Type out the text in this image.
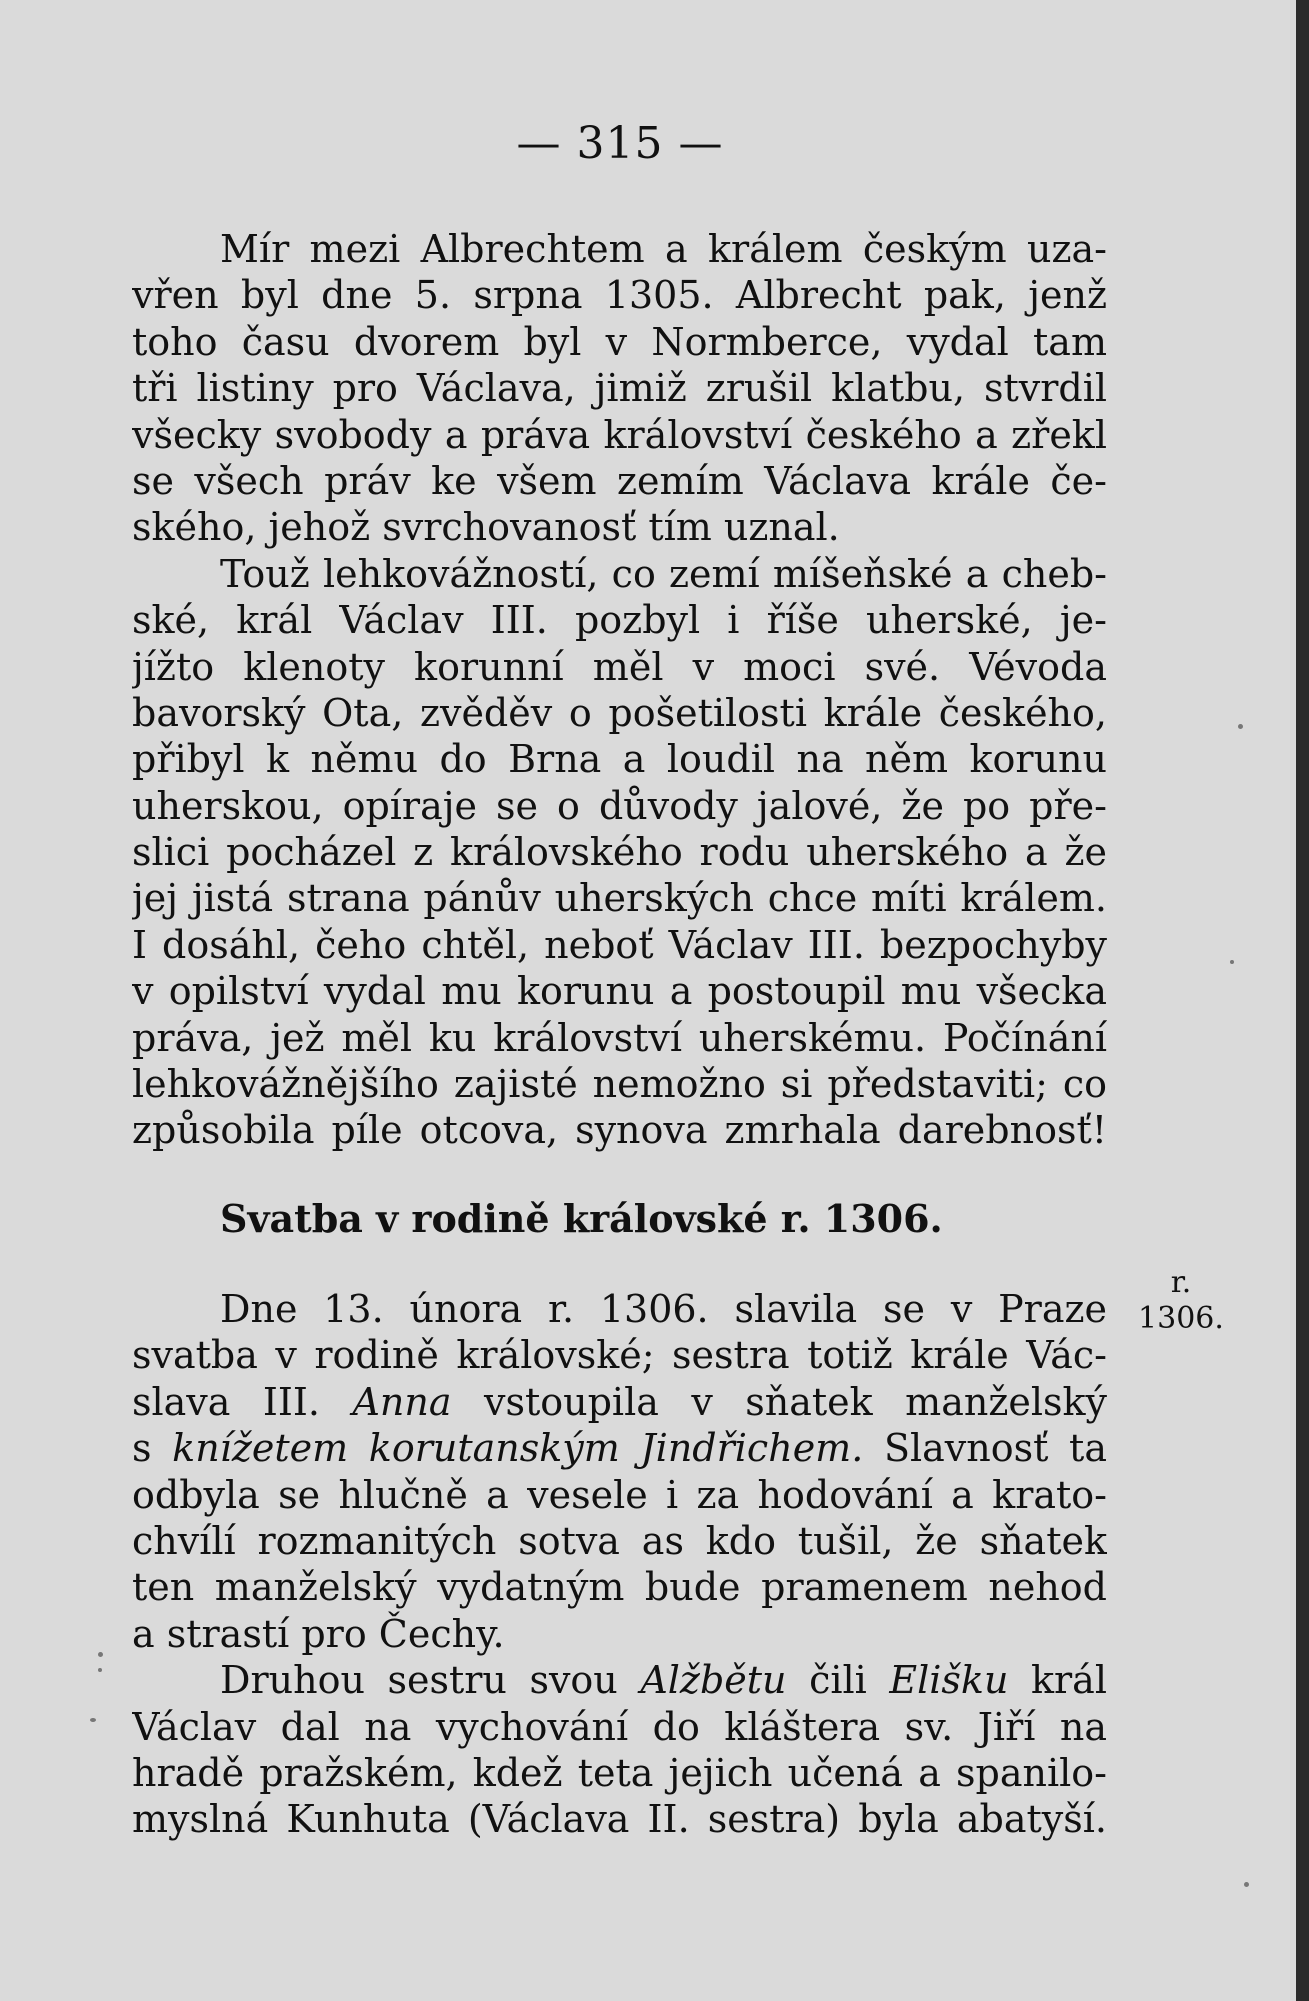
— 315 —
Mír mezi Albrechtem a králem českým uza-
vřen byl dne 5. srpna 1305. Albrecht pak, jenž
toho času dvorem byl v Normberce, vydal tam
tři listiny pro Václava, jimiž zrušil klatbu, stvrdil
všecky svobody a práva království českého a zřekl
se všech práv ke všem zemím Václava krále če-
ského, jehož svrchovanosť tím uznal.
Touž lehkovážností, co zemí míšeňské a cheb-
ské, král Václav III. pozbyl i říše uherské, je-
jížto klenoty korunní měl v moci své. Vévoda
bavorský Ota, zvěděv o pošetilosti krále českého,
přibyl k němu do Brna a loudil na něm korunu
uherskou, opíraje se o důvody jalové, že po pře-
slici pocházel z královského rodu uherského a že
jej jistá strana pánův uherských chce míti králem.
I dosáhl, čeho chtěl, neboť Václav III. bezpochyby
v opilství vydal mu korunu a postoupil mu všecka
práva, jež měl ku království uherskému. Počínání
lehkovážnějšího zajisté nemožno si představiti; co
způsobila píle otcova, synova zmrhala darebnosť!
Svatba v rodině královské r. 1306.
r.
1306.
Dne 13. února r. 1306. slavila se v Praze
svatba v rodině královské; sestra totiž krále Vác-
slava III. Anna vstoupila v sňatek manželský
s knížetem korutanským Jindřichem. Slavnosť ta
odbyla se hlučně a vesele i za hodování a krato-
chvílí rozmanitých sotva as kdo tušil, že sňatek
ten manželský vydatným bude pramenem nehod
a strastí pro Čechy.
Druhou sestru svou Alžbětu čili Elišku král
Václav dal na vychování do kláštera sv. Jiří na
hradě pražském, kdež teta jejich učená a spanilo-
myslná Kunhuta (Václava II. sestra) byla abatyší.
